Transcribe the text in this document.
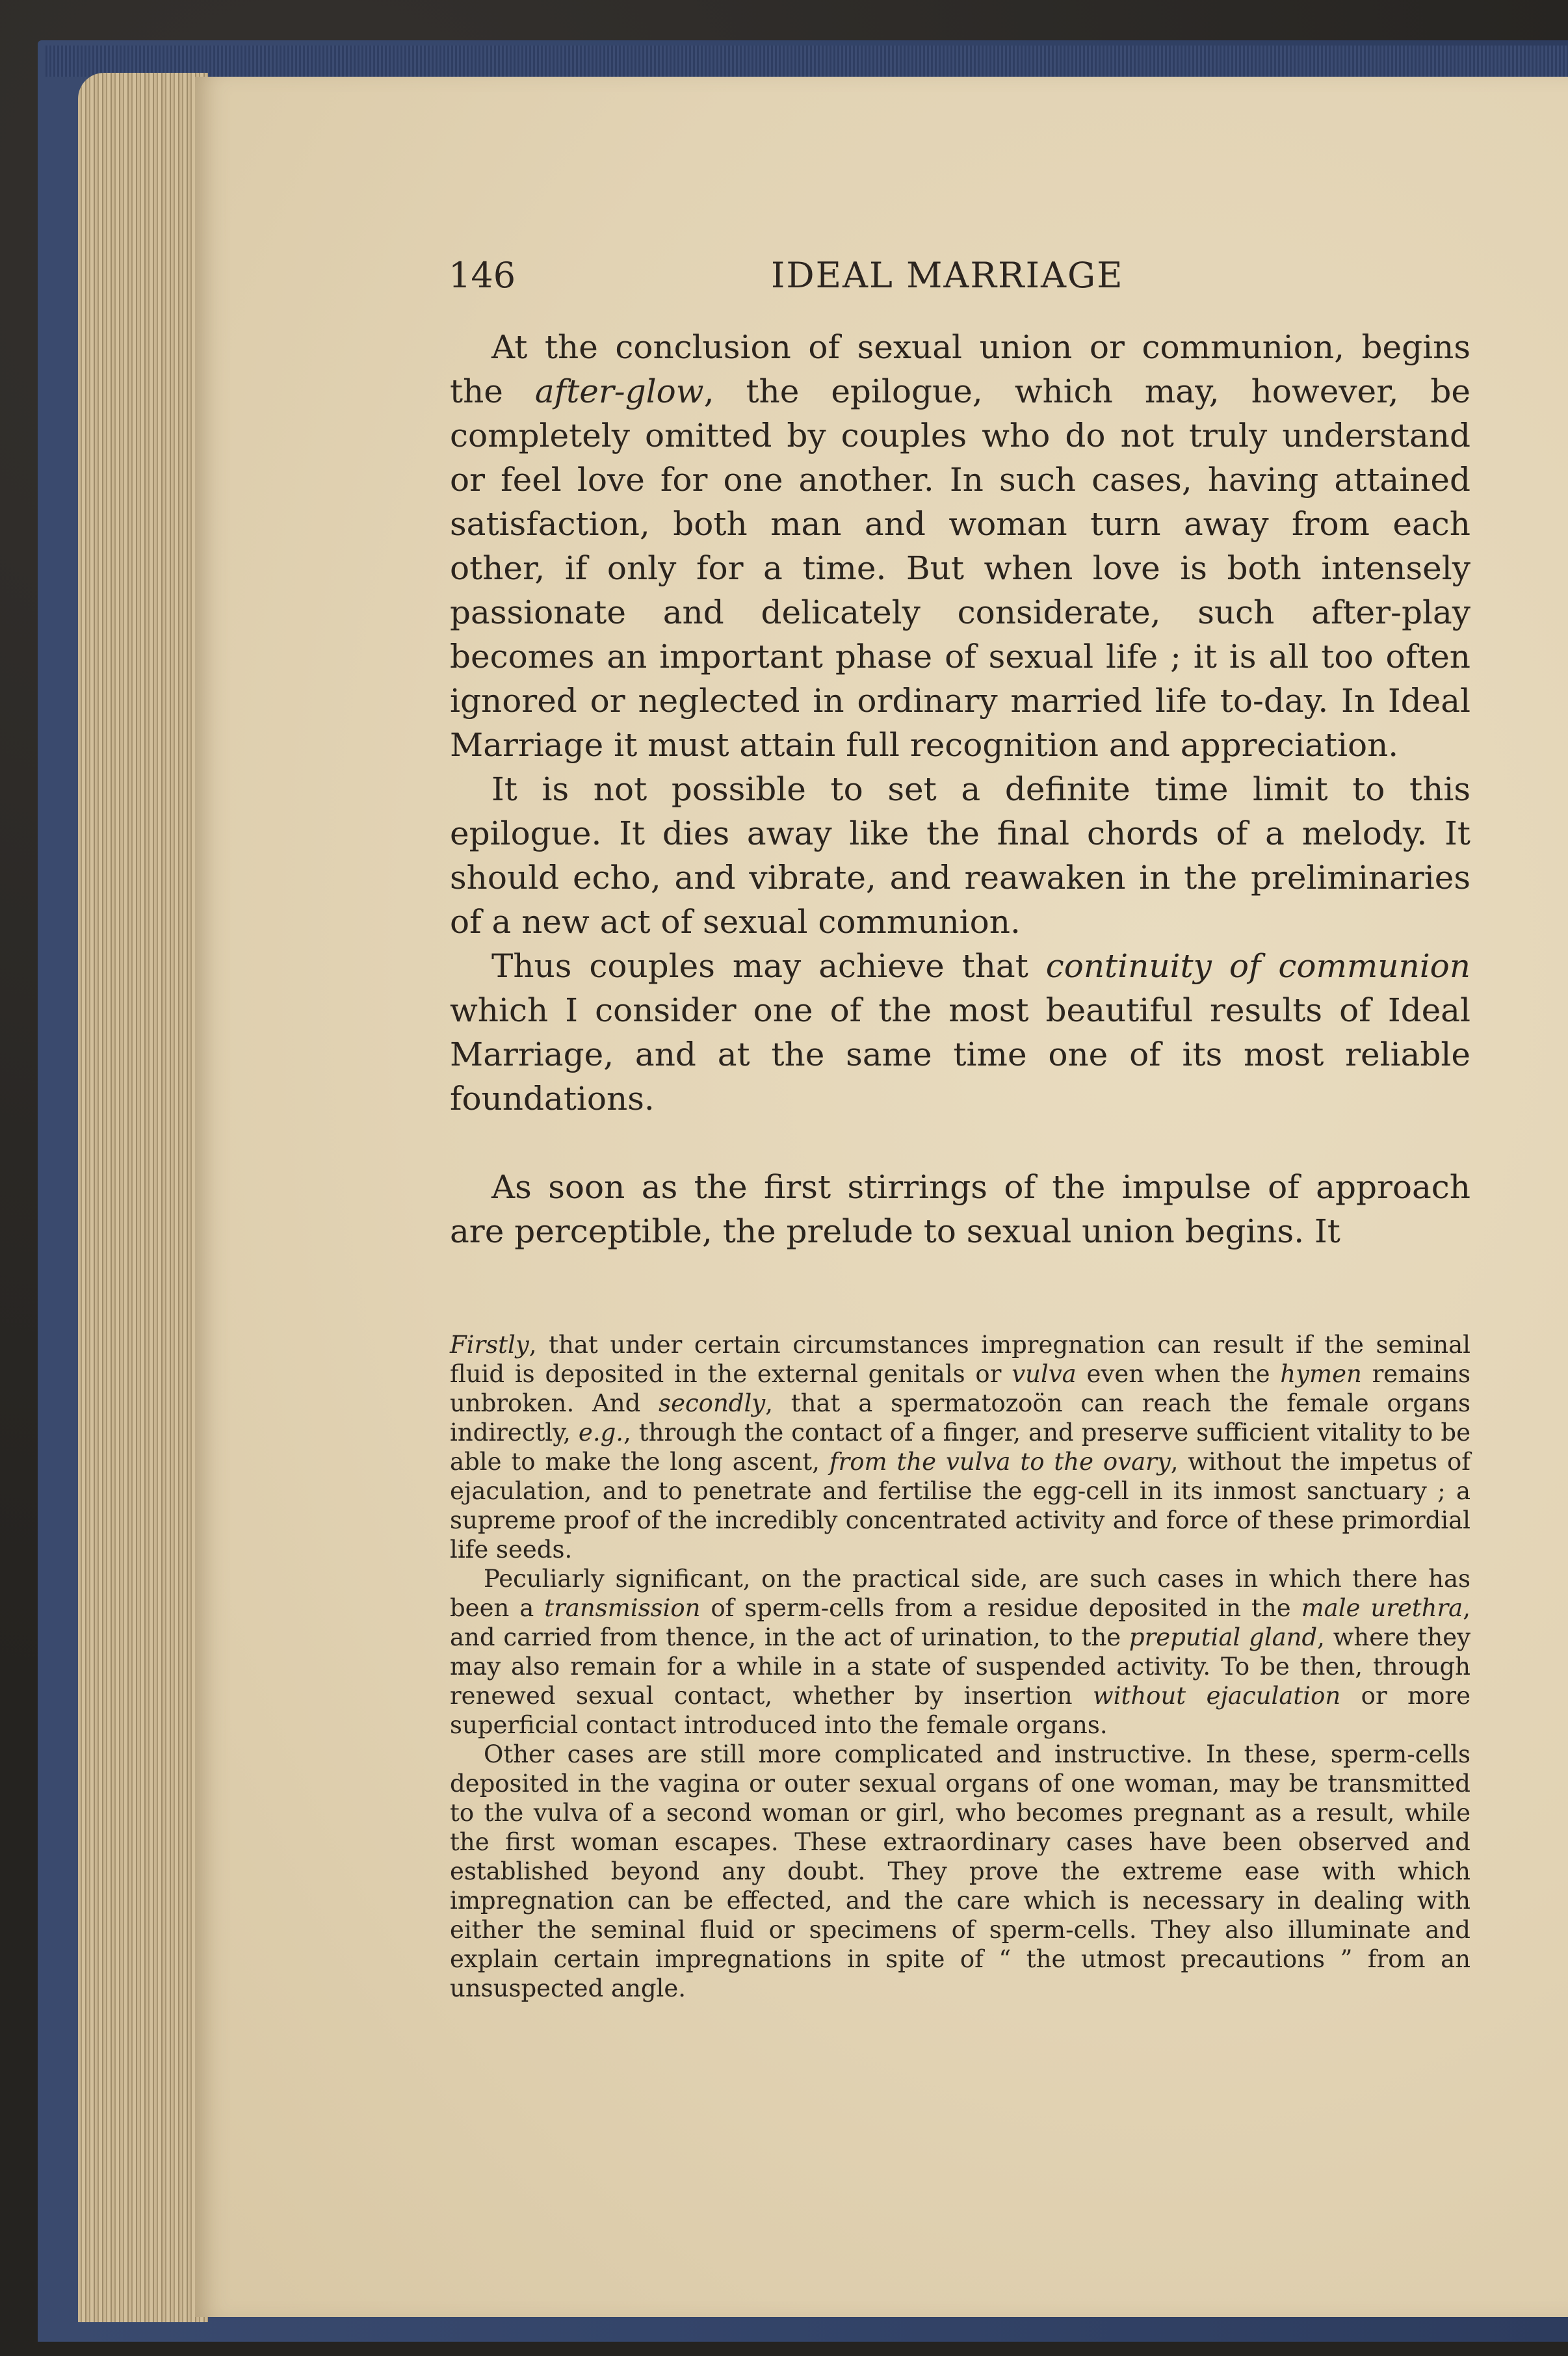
146	IDEAL MARRIAGE

At the conclusion of sexual union or communion, begins the after-glow, the epilogue, which may, however, be completely omitted by couples who do not truly understand or feel love for one another. In such cases, having attained satisfaction, both man and woman turn away from each other, if only for a time. But when love is both intensely passionate and delicately considerate, such after-play becomes an important phase of sexual life ; it is all too often ignored or neglected in ordinary married life to-day. In Ideal Marriage it must attain full recognition and appreciation.

It is not possible to set a definite time limit to this epilogue. It dies away like the final chords of a melody. It should echo, and vibrate, and reawaken in the preliminaries of a new act of sexual communion.

Thus couples may achieve that continuity of communion which I consider one of the most beautiful results of Ideal Marriage, and at the same time one of its most reliable foundations.

As soon as the first stirrings of the impulse of approach are perceptible, the prelude to sexual union begins. It

Firstly, that under certain circumstances impregnation can result if the seminal fluid is deposited in the external genitals or vulva even when the hymen remains unbroken. And secondly, that a spermatozoön can reach the female organs indirectly, e.g., through the contact of a finger, and preserve sufficient vitality to be able to make the long ascent, from the vulva to the ovary, without the impetus of ejaculation, and to penetrate and fertilise the egg-cell in its inmost sanctuary ; a supreme proof of the incredibly concentrated activity and force of these primordial life seeds.

Peculiarly significant, on the practical side, are such cases in which there has been a transmission of sperm-cells from a residue deposited in the male urethra, and carried from thence, in the act of urination, to the preputial gland, where they may also remain for a while in a state of suspended activity. To be then, through renewed sexual contact, whether by insertion without ejaculation or more superficial contact introduced into the female organs.

Other cases are still more complicated and instructive. In these, sperm-cells deposited in the vagina or outer sexual organs of one woman, may be transmitted to the vulva of a second woman or girl, who becomes pregnant as a result, while the first woman escapes. These extraordinary cases have been observed and established beyond any doubt. They prove the extreme ease with which impregnation can be effected, and the care which is necessary in dealing with either the seminal fluid or specimens of sperm-cells. They also illuminate and explain certain impregnations in spite of “ the utmost precautions ” from an unsuspected angle.
